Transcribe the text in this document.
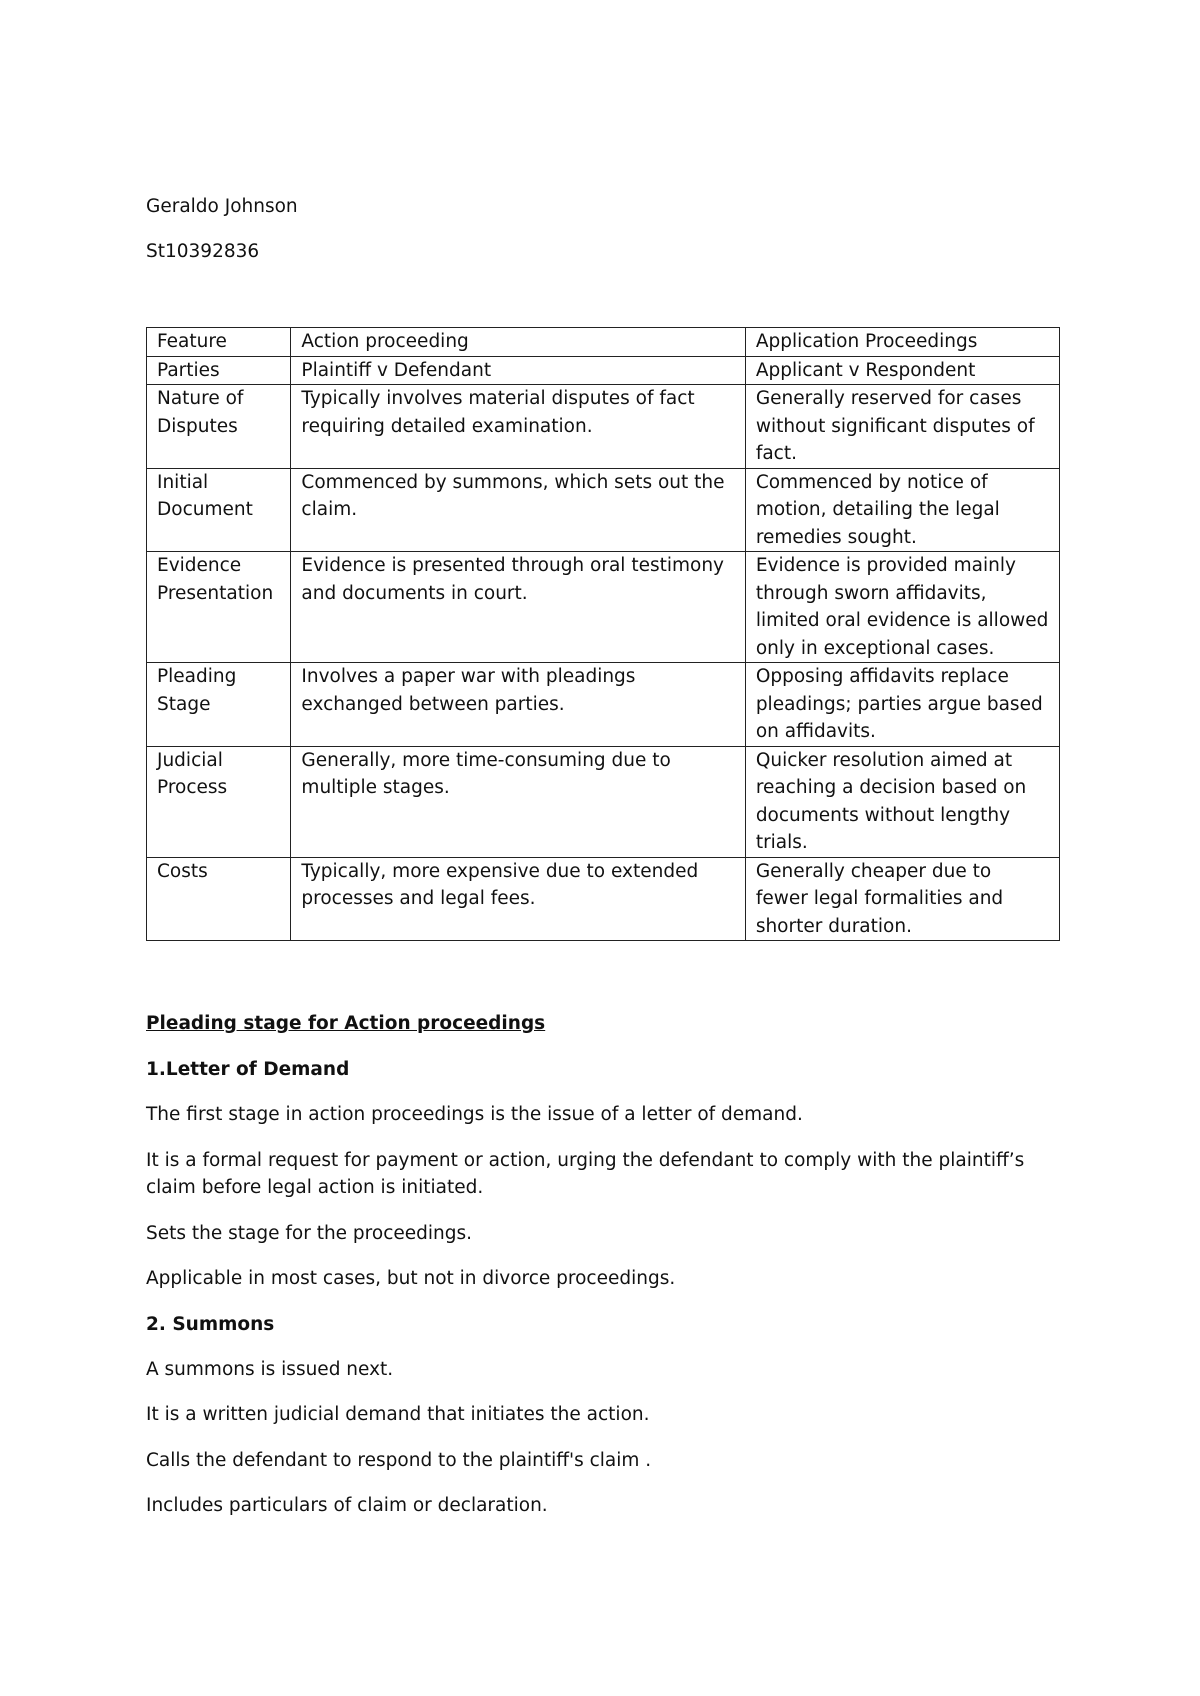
Geraldo Johnson

St10392836

Feature	Action proceeding	Application Proceedings
Parties	Plaintiff v Defendant	Applicant v Respondent
Nature of Disputes	Typically involves material disputes of fact requiring detailed examination.	Generally reserved for cases without significant disputes of fact.
Initial Document	Commenced by summons, which sets out the claim.	Commenced by notice of motion, detailing the legal remedies sought.
Evidence Presentation	Evidence is presented through oral testimony and documents in court.	Evidence is provided mainly through sworn affidavits, limited oral evidence is allowed only in exceptional cases.
Pleading Stage	Involves a paper war with pleadings exchanged between parties.	Opposing affidavits replace pleadings; parties argue based on affidavits.
Judicial Process	Generally, more time-consuming due to multiple stages.	Quicker resolution aimed at reaching a decision based on documents without lengthy trials.
Costs	Typically, more expensive due to extended processes and legal fees.	Generally cheaper due to fewer legal formalities and shorter duration.

Pleading stage for Action proceedings

1.Letter of Demand

The first stage in action proceedings is the issue of a letter of demand.

It is a formal request for payment or action, urging the defendant to comply with the plaintiff’s claim before legal action is initiated.

Sets the stage for the proceedings.

Applicable in most cases, but not in divorce proceedings.

2. Summons

A summons is issued next.

It is a written judicial demand that initiates the action.

Calls the defendant to respond to the plaintiff's claim .

Includes particulars of claim or declaration.
